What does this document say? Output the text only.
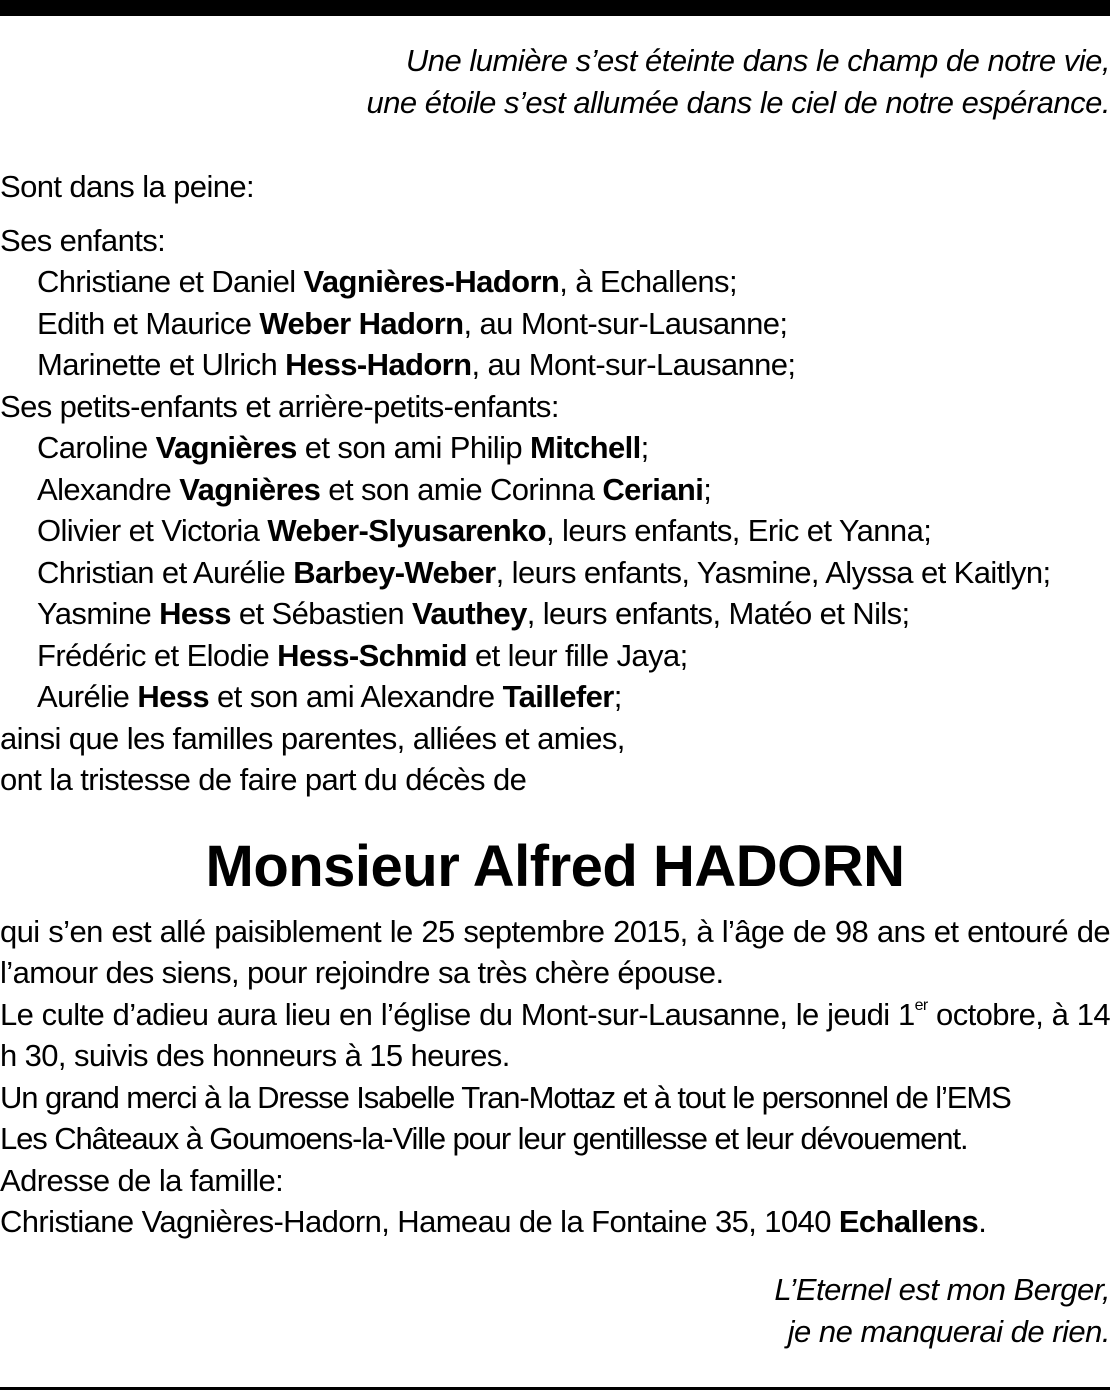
Une lumière s’est éteinte dans le champ de notre vie,
une étoile s’est allumée dans le ciel de notre espérance.
Sont dans la peine:
Ses enfants:
Christiane et Daniel Vagnières-Hadorn, à Echallens;
Edith et Maurice Weber Hadorn, au Mont-sur-Lausanne;
Marinette et Ulrich Hess-Hadorn, au Mont-sur-Lausanne;
Ses petits-enfants et arrière-petits-enfants:
Caroline Vagnières et son ami Philip Mitchell;
Alexandre Vagnières et son amie Corinna Ceriani;
Olivier et Victoria Weber-Slyusarenko, leurs enfants, Eric et Yanna;
Christian et Aurélie Barbey-Weber, leurs enfants, Yasmine, Alyssa et Kaitlyn;
Yasmine Hess et Sébastien Vauthey, leurs enfants, Matéo et Nils;
Frédéric et Elodie Hess-Schmid et leur fille Jaya;
Aurélie Hess et son ami Alexandre Taillefer;
ainsi que les familles parentes, alliées et amies,
ont la tristesse de faire part du décès de
Monsieur Alfred HADORN
qui s’en est allé paisiblement le 25 septembre 2015, à l’âge de 98 ans et entouré de l’amour des siens, pour rejoindre sa très chère épouse.
Le culte d’adieu aura lieu en l’église du Mont-sur-Lausanne, le jeudi 1er octobre, à 14 h 30, suivis des honneurs à 15 heures.
Un grand merci à la Dresse Isabelle Tran-Mottaz et à tout le personnel de l’EMS
Les Châteaux à Goumoens-la-Ville pour leur gentillesse et leur dévouement.
Adresse de la famille:
Christiane Vagnières-Hadorn, Hameau de la Fontaine 35, 1040 Echallens.
L’Eternel est mon Berger,
je ne manquerai de rien.
